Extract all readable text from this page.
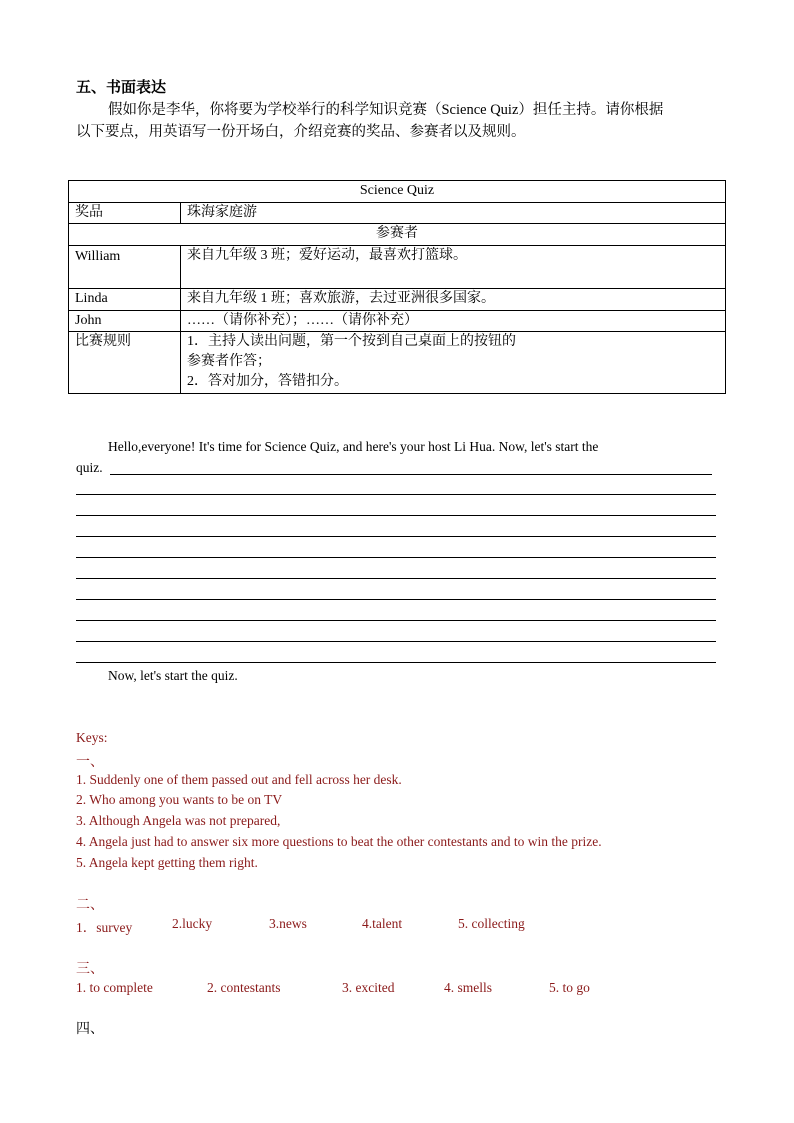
五、书面表达
假如你是李华，你将要为学校举行的科学知识竞赛（Science Quiz）担任主持。请你根据
以下要点，用英语写一份开场白，介绍竞赛的奖品、参赛者以及规则。
Science Quiz	
奖品	珠海家庭游
参赛者	
William	来自九年级 3 班；爱好运动，最喜欢打篮球。
Linda	来自九年级 1 班；喜欢旅游，去过亚洲很多国家。
John	……（请你补充）；……（请你补充）
比赛规则	1．主持人读出问题，第一个按到自己桌面上的按钮的
参赛者作答；
2．答对加分，答错扣分。
Hello,everyone! It's time for Science Quiz, and here's your host Li Hua. Now, let's start the
quiz.
Now, let's start the quiz.
Keys:
一、
1. Suddenly one of them passed out and fell across her desk.
2. Who among you wants to be on TV
3. Although Angela was not prepared,
4. Angela just had to answer six more questions to beat the other contestants and to win the prize.
5. Angela kept getting them right.
二、
1．survey	2.lucky	3.news	4.talent	5. collecting
三、
1. to complete	2. contestants	3. excited	4. smells	5. to go
四、
